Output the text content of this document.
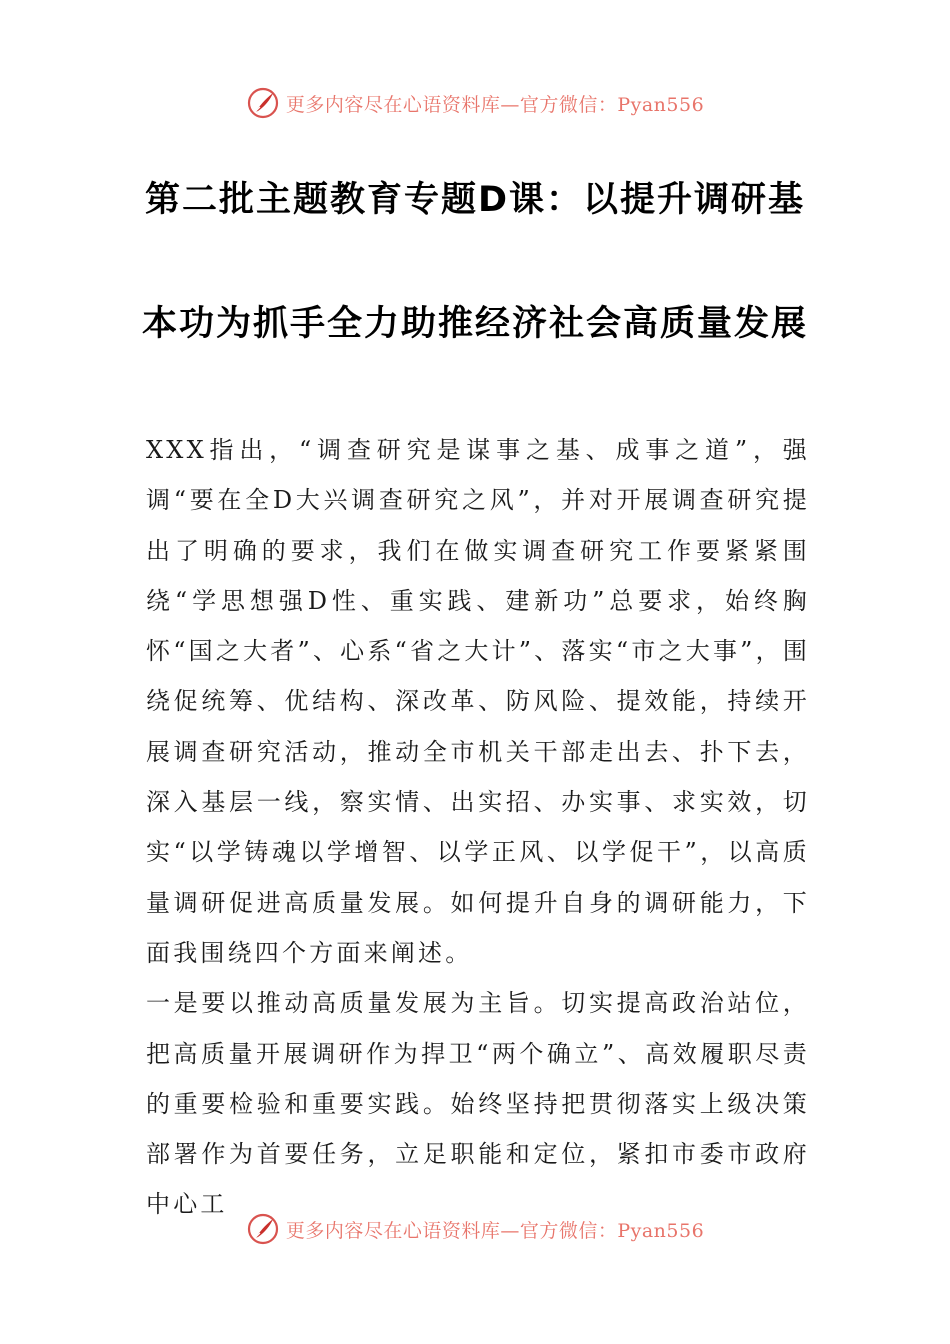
更多内容尽在心语资料库—官方微信：Pyan556
第二批主题教育专题D课：以提升调研基
本功为抓手全力助推经济社会高质量发展

XXX指出，“调查研究是谋事之基、成事之道”，强调“要在全D大兴调查研究之风”，并对开展调查研究提出了明确的要求，我们在做实调查研究工作要紧紧围绕“学思想强D性、重实践、建新功”总要求，始终胸怀“国之大者”、心系“省之大计”、落实“市之大事”，围绕促统筹、优结构、深改革、防风险、提效能，持续开展调查研究活动，推动全市机关干部走出去、扑下去，深入基层一线，察实情、出实招、办实事、求实效，切实“以学铸魂以学增智、以学正风、以学促干”，以高质量调研促进高质量发展。如何提升自身的调研能力，下面我围绕四个方面来阐述。

一是要以推动高质量发展为主旨。切实提高政治站位，把高质量开展调研作为捍卫“两个确立”、高效履职尽责的重要检验和重要实践。始终坚持把贯彻落实上级决策部署作为首要任务，立足职能和定位，紧扣市委市政府中心工

更多内容尽在心语资料库—官方微信：Pyan556
